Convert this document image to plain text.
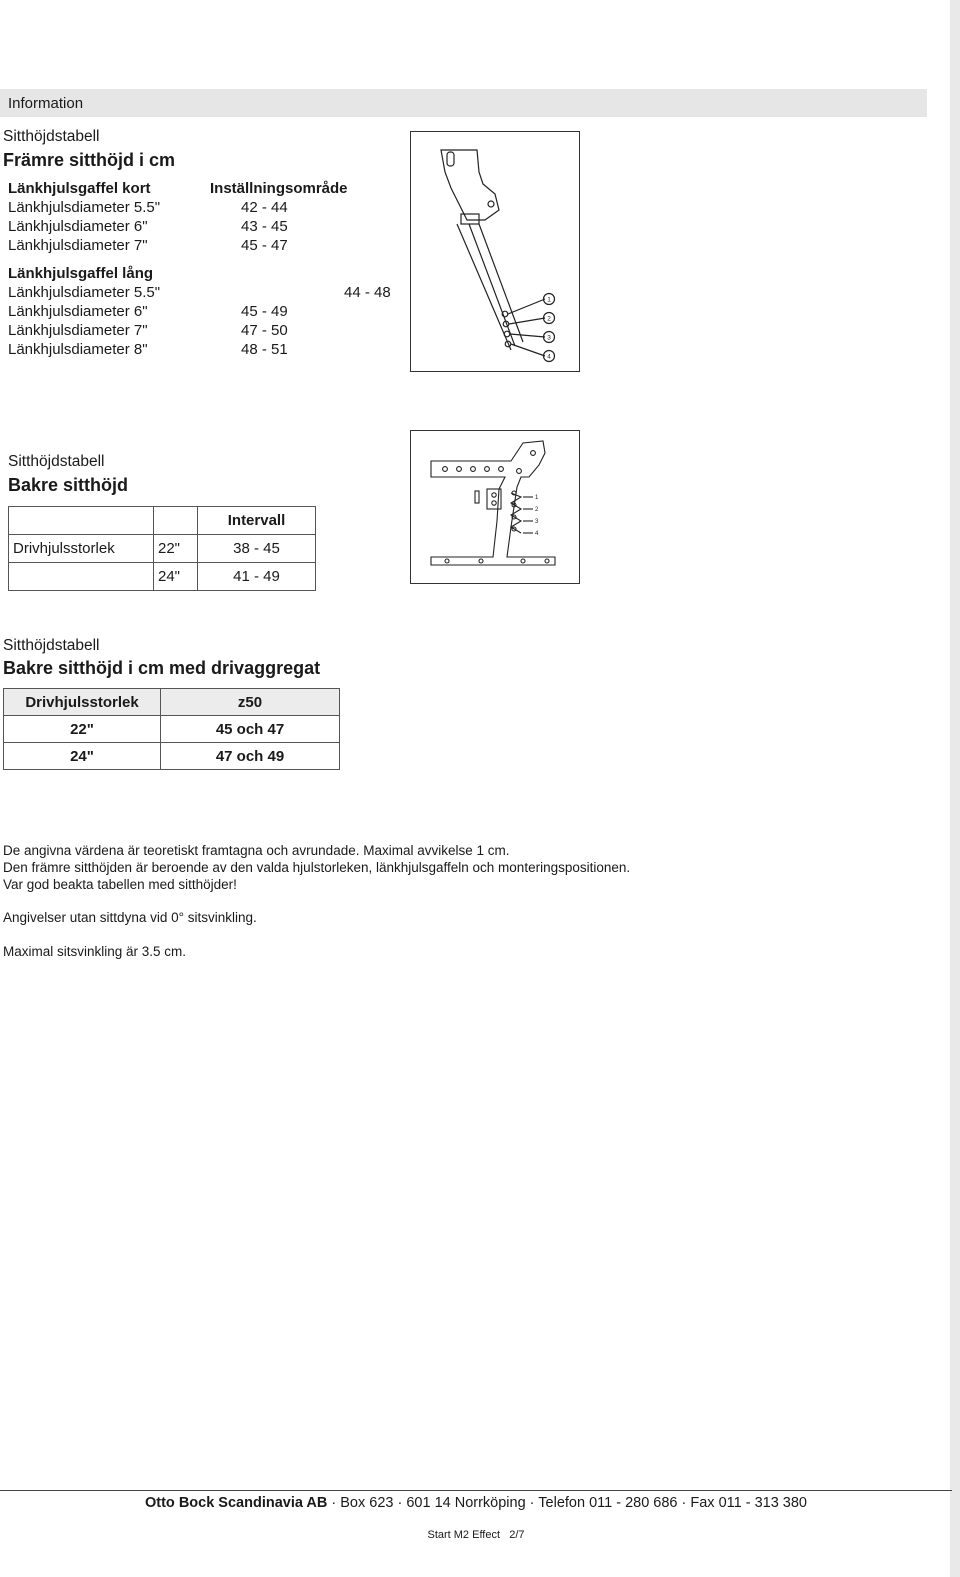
Information
Sitthöjdstabell
Främre sitthöjd i cm
Länkhjulsgaffel kort	Inställningsområde
Länkhjulsdiameter 5.5"	42 - 44
Länkhjulsdiameter 6"	43 - 45
Länkhjulsdiameter 7"	45 - 47
Länkhjulsgaffel lång
Länkhjulsdiameter 5.5"	44 - 48
Länkhjulsdiameter 6"	45 - 49
Länkhjulsdiameter 7"	47 - 50
Länkhjulsdiameter 8"	48 - 51
1
2
3
4
Sitthöjdstabell
Bakre sitthöjd
		Intervall
Drivhjulsstorlek	22"	38 - 45
	24"	41 - 49
1
2
3
4
Sitthöjdstabell
Bakre sitthöjd i cm med drivaggregat
Drivhjulsstorlek	z50
22"	45 och 47
24"	47 och 49
De angivna värdena är teoretiskt framtagna och avrundade. Maximal avvikelse 1 cm.
Den främre sitthöjden är beroende av den valda hjulstorleken, länkhjulsgaffeln och monteringspositionen.
Var god beakta tabellen med sitthöjder!
Angivelser utan sittdyna vid 0° sitsvinkling.
Maximal sitsvinkling är 3.5 cm.
Otto Bock Scandinavia AB · Box 623 · 601 14 Norrköping · Telefon 011 - 280 686 · Fax 011 - 313 380
Start M2 Effect 2/7
